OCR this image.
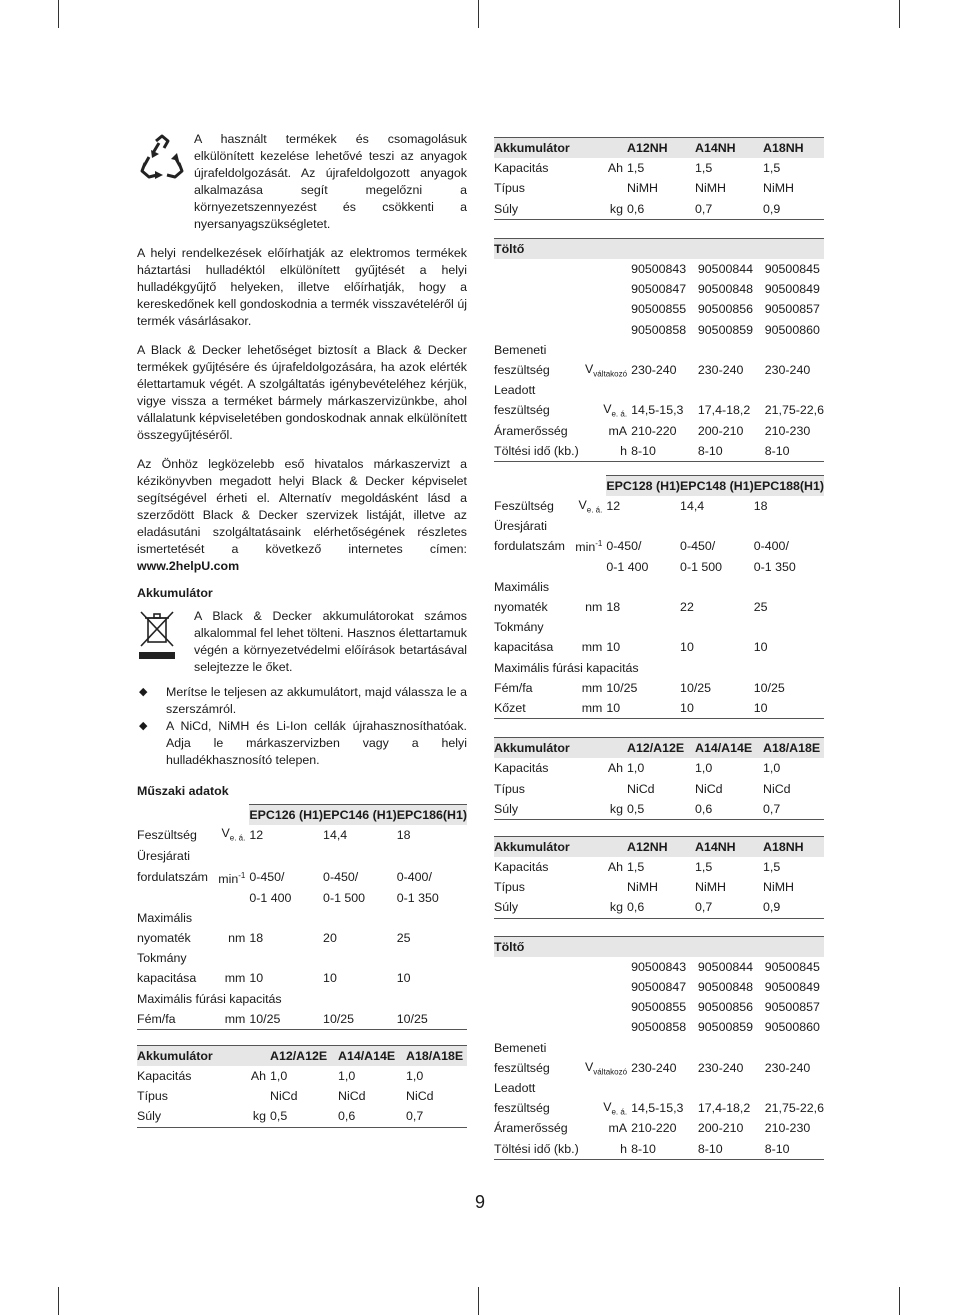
A használt termékek és csomagolásuk elkülönített kezelése lehetővé teszi az anyagok újrafeldolgozását. Az újrafeldolgozott anyagok alkalmazása segít megelőzni a környezetszennyezést és csökkenti a nyersanyagszükségletet.

A helyi rendelkezések előírhatják az elektromos termékek háztartási hulladéktól elkülönített gyűjtését a helyi hulladékgyűjtő helyeken, illetve előírhatják, hogy a kereskedőnek kell gondoskodnia a termék visszavételéről új termék vásárlásakor.

A Black & Decker lehetőséget biztosít a Black & Decker termékek gyűjtésére és újrafeldolgozására, ha azok elérték élettartamuk végét. A szolgáltatás igénybevételéhez kérjük, vigye vissza a terméket bármely márkaszervizünkbe, ahol vállalatunk képviseletében gondoskodnak annak elkülönített összegyűjtéséről.

Az Önhöz legközelebb eső hivatalos márkaszervizt a kézikönyvben megadott helyi Black & Decker képviselet segítségével érheti el. Alternatív megoldásként lásd a szerződött Black & Decker szervizek listáját, illetve az eladásutáni szolgáltatásaink elérhetőségének részletes ismertetését a következő internetes címen: www.2helpU.com

Akkumulátor

A Black & Decker akkumulátorokat számos alkalommal fel lehet tölteni. Hasznos élettartamuk végén a környezetvédelmi előírások betartásával selejtezze le őket.

◆ Merítse le teljesen az akkumulátort, majd válassza le a szerszámról.
◆ A NiCd, NiMH és Li-Ion cellák újrahasznosíthatóak. Adja le márkaszervizben vagy a helyi hulladékhasznosító telepen.

Műszaki adatok

		EPC126 (H1)	EPC146 (H1)	EPC186(H1)
Feszültség	$V_{e. á.}$	12	14,4	18
Üresjárati				
fordulatszám	$\min^{-1}$	0-450/	0-450/	0-400/
		0-1 400	0-1 500	0-1 350
Maximális				
nyomaték	nm	18	20	25
Tokmány				
kapacitása	mm	10	10	10
Maximális fúrási kapacitás				
Fém/fa	mm	10/25	10/25	10/25
Akkumulátor		A12/A12E	A14/A14E	A18/A18E
Kapacitás	Ah	1,0	1,0	1,0
Típus		NiCd	NiCd	NiCd
Súly	kg	0,5	0,6	0,7
Akkumulátor		A12NH	A14NH	A18NH
Kapacitás	Ah	1,5	1,5	1,5
Típus		NiMH	NiMH	NiMH
Súly	kg	0,6	0,7	0,9
Töltő				
		90500843	90500844	90500845
		90500847	90500848	90500849
		90500855	90500856	90500857
		90500858	90500859	90500860
Bemeneti				
feszültség	$V_{váltakozó}$	230-240	230-240	230-240
Leadott				
feszültség	$V_{e. á.}$	14,5-15,3	17,4-18,2	21,75-22,6
Áramerősség	mA	210-220	200-210	210-230
Töltési idő (kb.)	h	8-10	8-10	8-10
		EPC128 (H1)	EPC148 (H1)	EPC188(H1)
Feszültség	$V_{e. á.}$	12	14,4	18
Üresjárati				
fordulatszám	$\min^{-1}$	0-450/	0-450/	0-400/
		0-1 400	0-1 500	0-1 350
Maximális				
nyomaték	nm	18	22	25
Tokmány				
kapacitása	mm	10	10	10
Maximális fúrási kapacitás				
Fém/fa	mm	10/25	10/25	10/25
Kőzet	mm	10	10	10
Akkumulátor		A12/A12E	A14/A14E	A18/A18E
Kapacitás	Ah	1,0	1,0	1,0
Típus		NiCd	NiCd	NiCd
Súly	kg	0,5	0,6	0,7
Akkumulátor		A12NH	A14NH	A18NH
Kapacitás	Ah	1,5	1,5	1,5
Típus		NiMH	NiMH	NiMH
Súly	kg	0,6	0,7	0,9
Töltő				
		90500843	90500844	90500845
		90500847	90500848	90500849
		90500855	90500856	90500857
		90500858	90500859	90500860
Bemeneti				
feszültség	$V_{váltakozó}$	230-240	230-240	230-240
Leadott				
feszültség	$V_{e. á.}$	14,5-15,3	17,4-18,2	21,75-22,6
Áramerősség	mA	210-220	200-210	210-230
Töltési idő (kb.)	h	8-10	8-10	8-10
9
